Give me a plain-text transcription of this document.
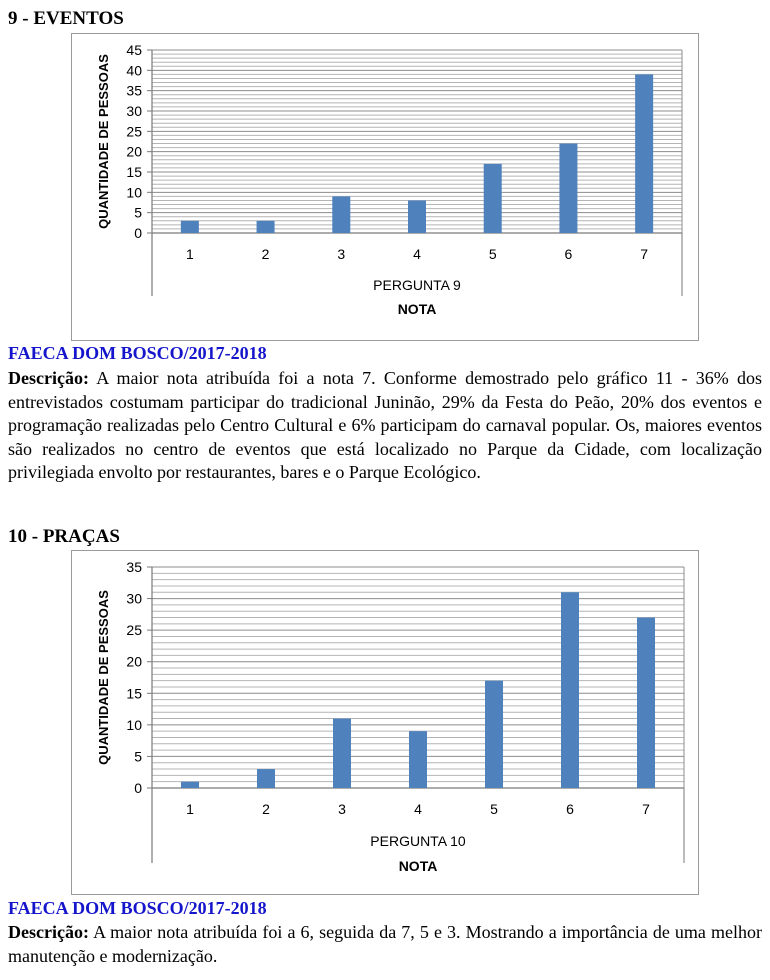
9 - EVENTOS
0
5
10
15
20
25
30
35
40
45
1	2	3	4	5	6	7
QUANTIDADE DE PESSOAS
PERGUNTA 9
NOTA
FAECA DOM BOSCO/2017-2018
Descrição: A maior nota atribuída foi a nota 7. Conforme demostrado pelo gráfico 11 - 36% dos entrevistados costumam participar do tradicional Juninão, 29% da Festa do Peão, 20% dos eventos e programação realizadas pelo Centro Cultural e 6% participam do carnaval popular. Os, maiores eventos são realizados no centro de eventos que está localizado no Parque da Cidade, com localização privilegiada envolto por restaurantes, bares e o Parque Ecológico.
10 - PRAÇAS
0
5
10
15
20
25
30
35
1	2	3	4	5	6	7
QUANTIDADE DE PESSOAS
PERGUNTA 10
NOTA
FAECA DOM BOSCO/2017-2018
Descrição: A maior nota atribuída foi a 6, seguida da 7, 5 e 3. Mostrando a importância de uma melhor manutenção e modernização.
